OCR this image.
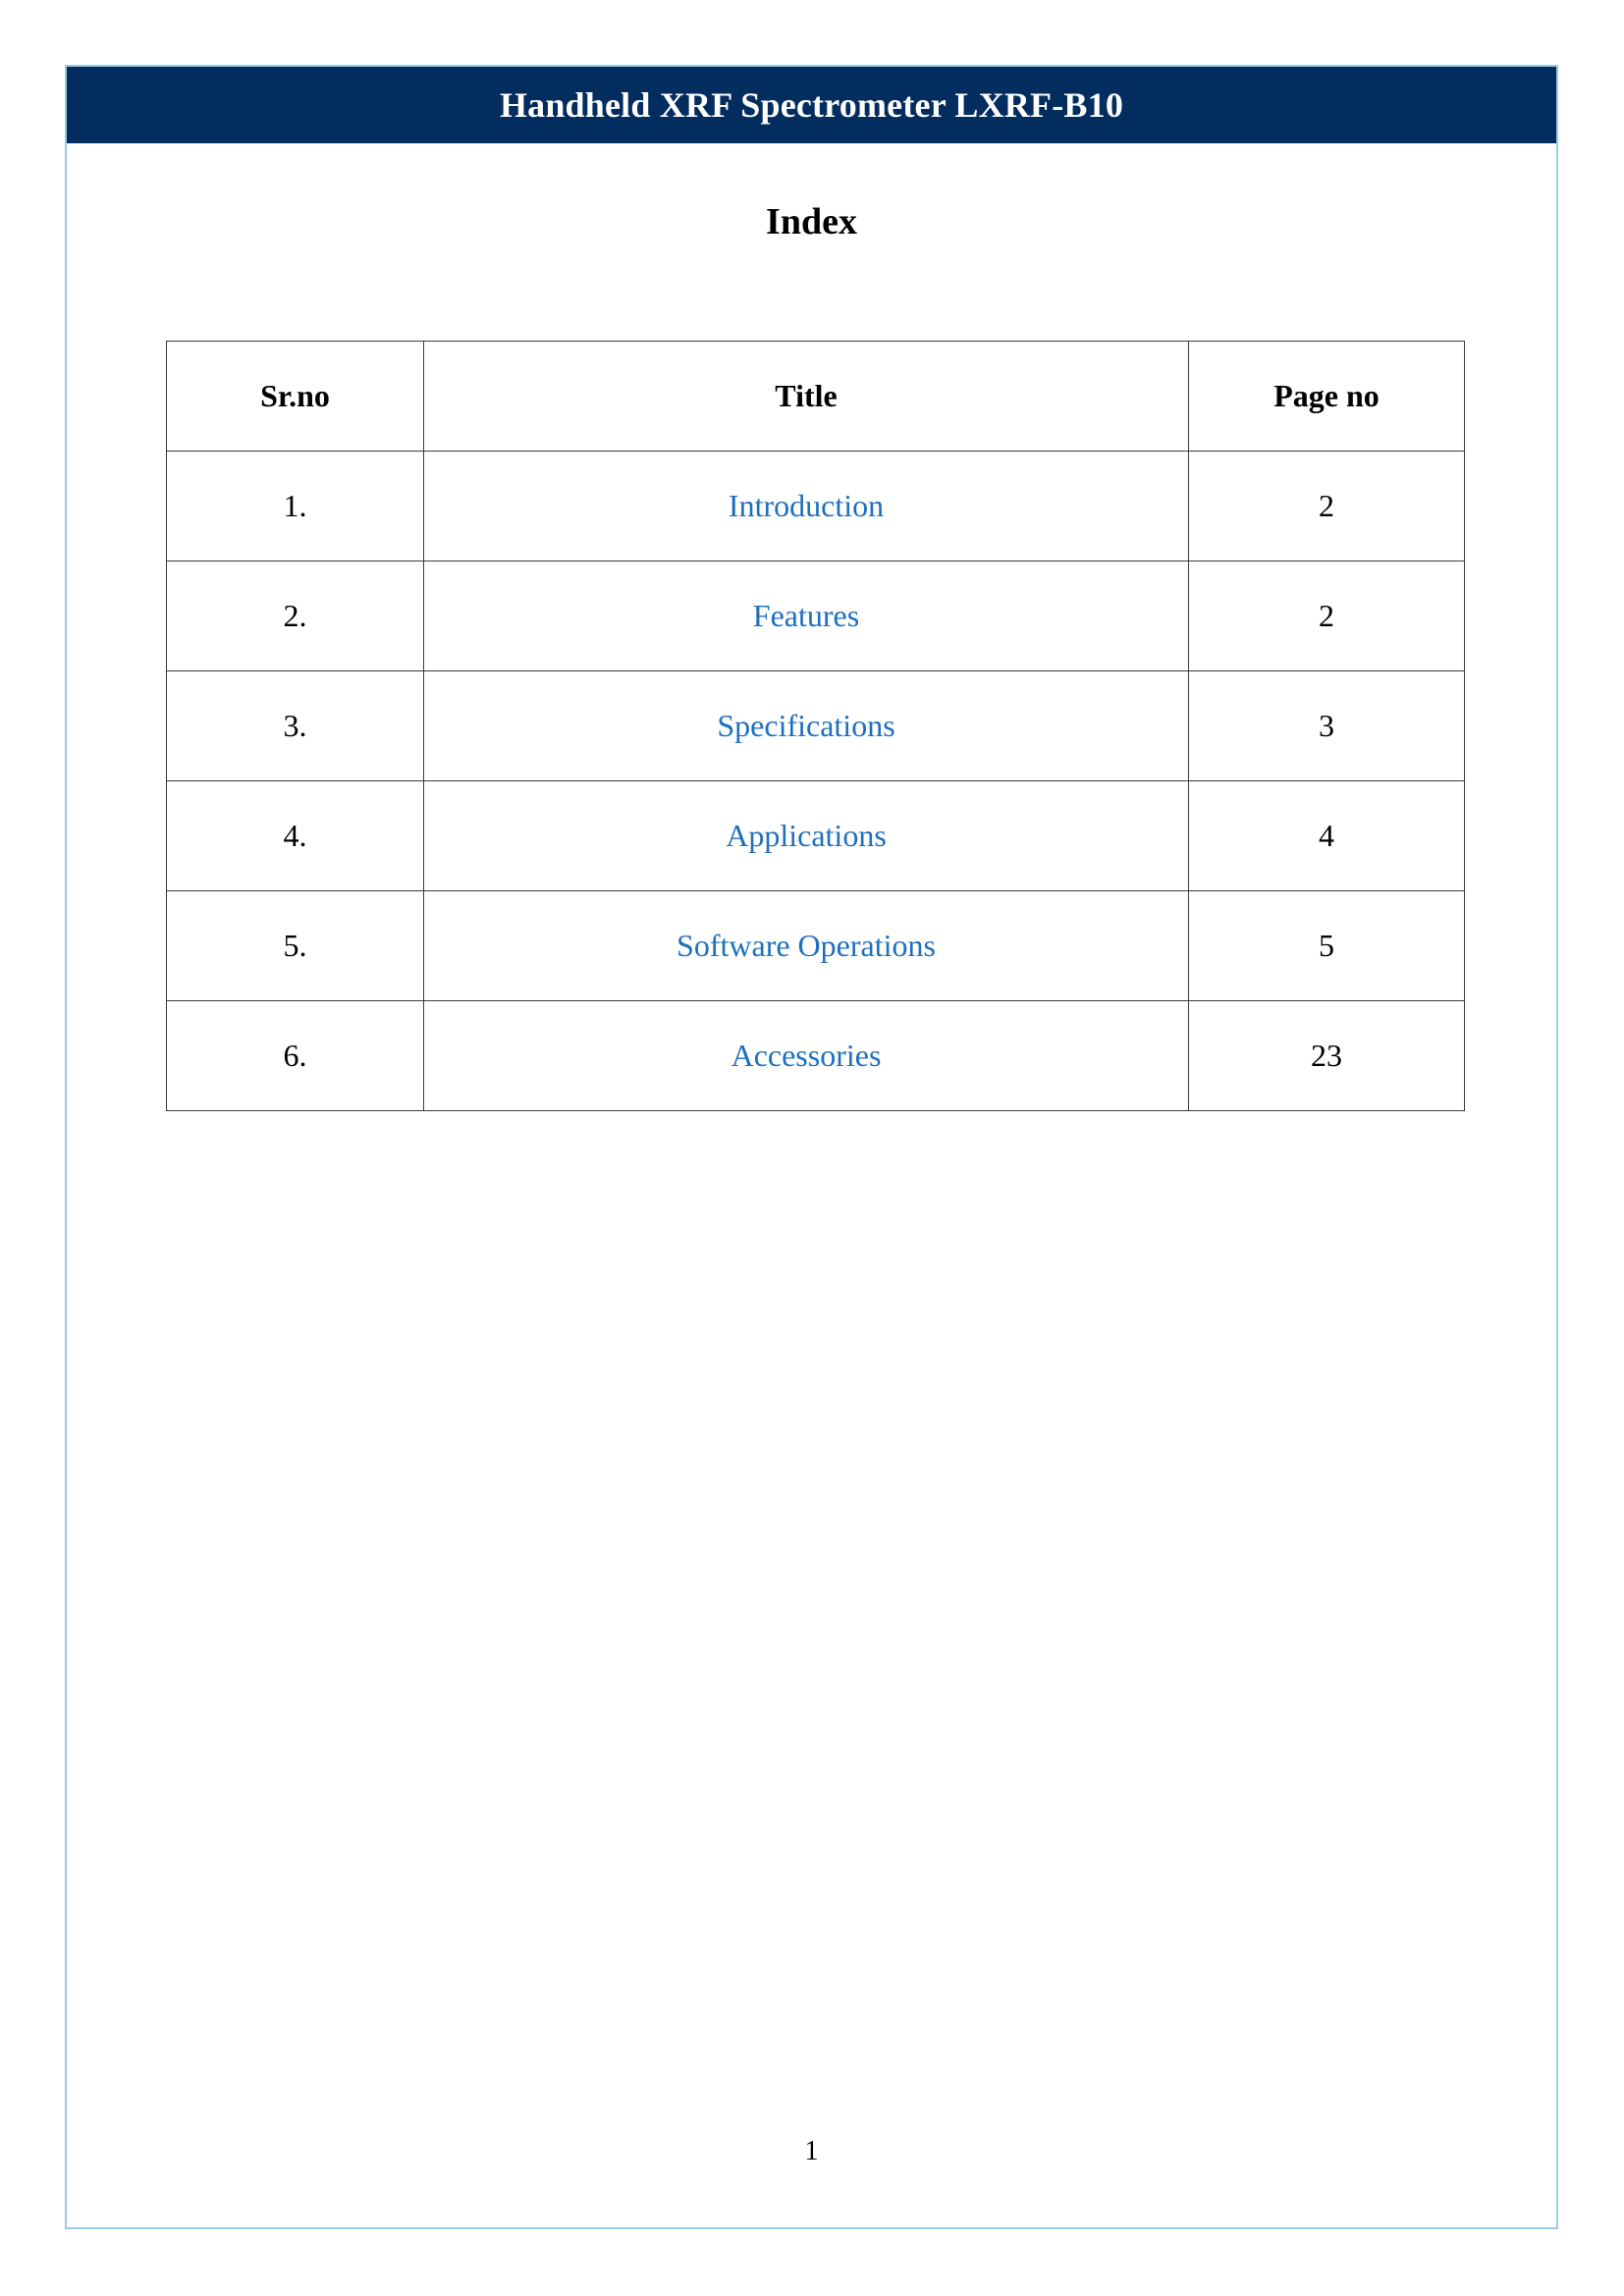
Handheld XRF Spectrometer LXRF-B10
Index
Sr.no	Title	Page no
1.	Introduction	2
2.	Features	2
3.	Specifications	3
4.	Applications	4
5.	Software Operations	5
6.	Accessories	23
1
